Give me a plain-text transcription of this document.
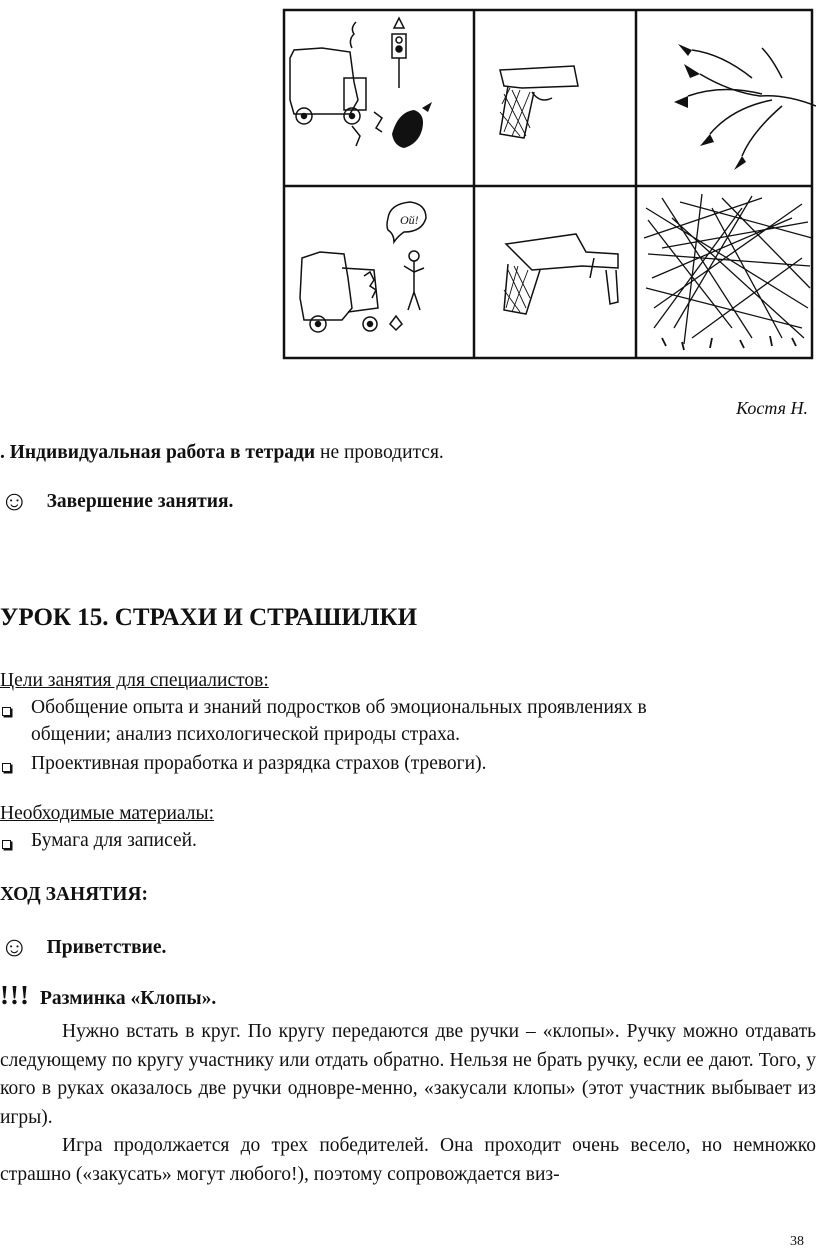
Ой!
Костя Н.
. Индивидуальная работа в тетради не проводится.
☺ Завершение занятия.
УРОК 15. СТРАХИ И СТРАШИЛКИ
Цели занятия для специалистов:
Обобщение опыта и знаний подростков об эмоциональных проявлениях в
общении; анализ психологической природы страха.
Проективная проработка и разрядка страхов (тревоги).
Необходимые материалы:
Бумага для записей.
ХОД ЗАНЯТИЯ:
☺ Приветствие.
!!! Разминка «Клопы».

Нужно встать в круг. По кругу передаются две ручки – «клопы». Ручку можно отдавать следующему по кругу участнику или отдать обратно. Нельзя не брать ручку, если ее дают. Того, у кого в руках оказалось две ручки одновре-менно, «закусали клопы» (этот участник выбывает из игры).

Игра продолжается до трех победителей. Она проходит очень весело, но немножко страшно («закусать» могут любого!), поэтому сопровождается виз-

38
